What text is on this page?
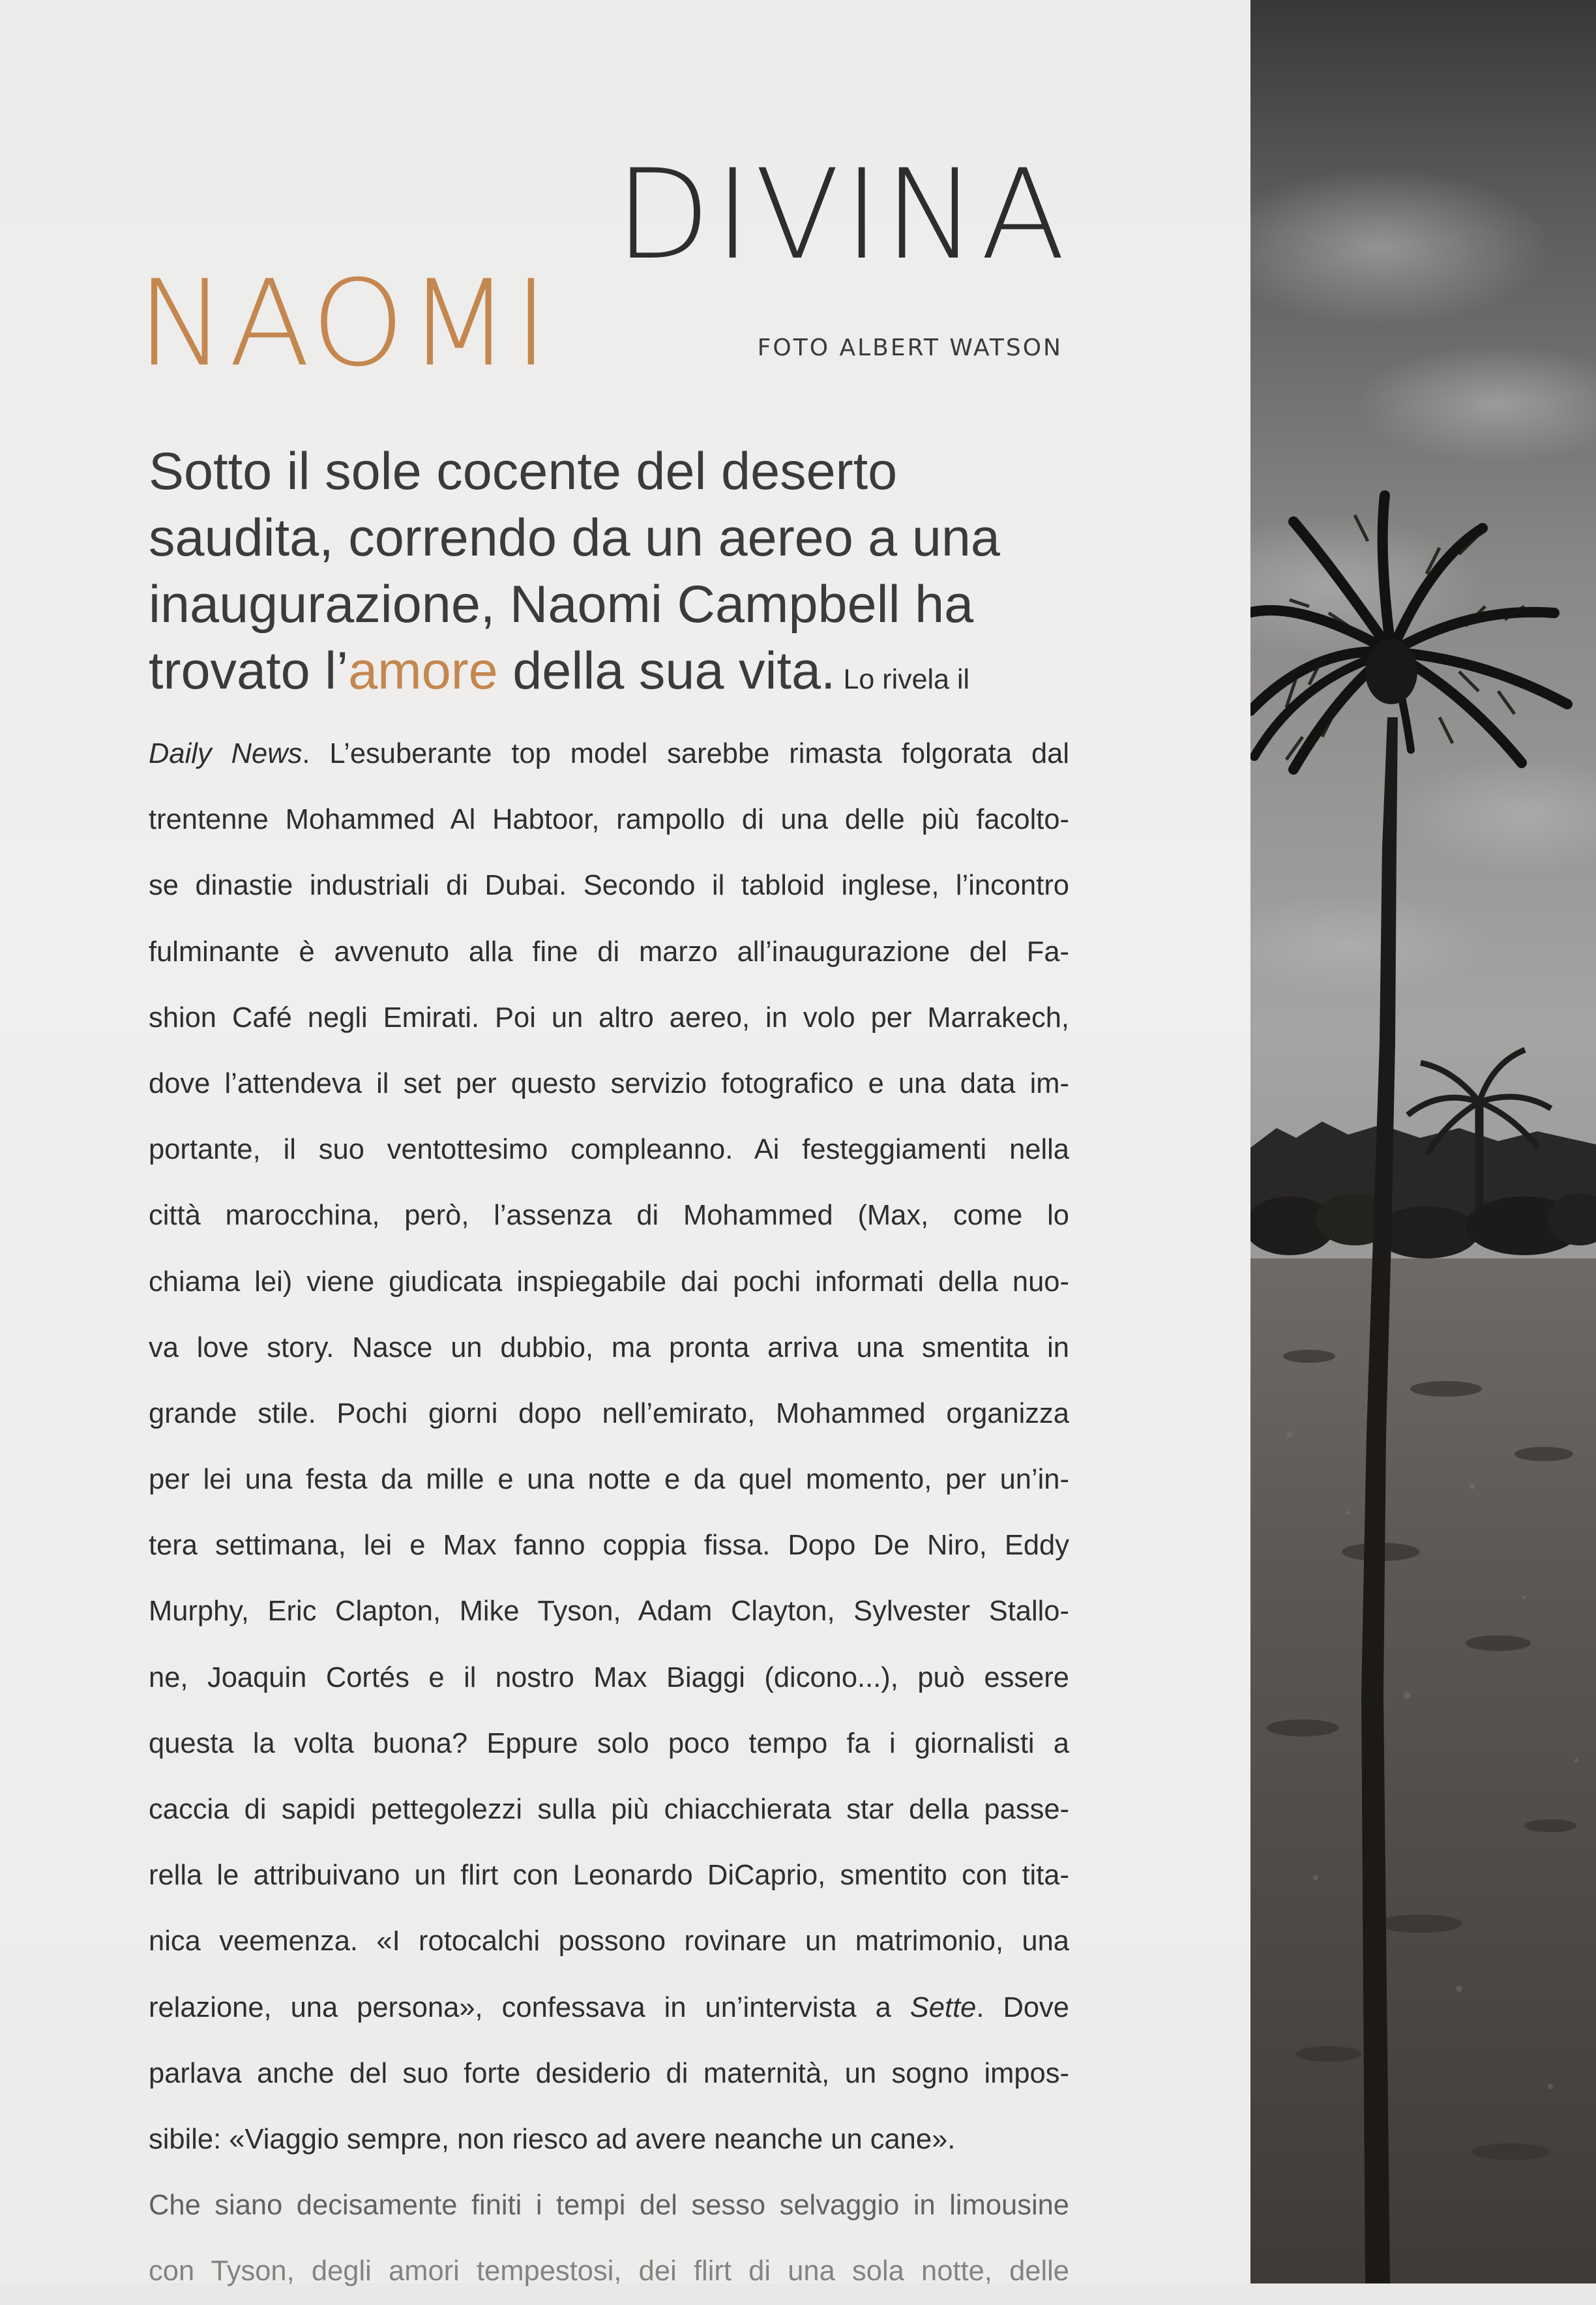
DIVINA
NAOMI	FOTO ALBERT WATSON
Sotto il sole cocente del deserto
saudita, correndo da un aereo a una
inaugurazione, Naomi Campbell ha
trovato l’amore della sua vita. Lo rivela il
Daily News. L’esuberante top model sarebbe rimasta folgorata dal
trentenne Mohammed Al Habtoor, rampollo di una delle più facolto-
se dinastie industriali di Dubai. Secondo il tabloid inglese, l’incontro
fulminante è avvenuto alla fine di marzo all’inaugurazione del Fa-
shion Café negli Emirati. Poi un altro aereo, in volo per Marrakech,
dove l’attendeva il set per questo servizio fotografico e una data im-
portante, il suo ventottesimo compleanno. Ai festeggiamenti nella
città marocchina, però, l’assenza di Mohammed (Max, come lo
chiama lei) viene giudicata inspiegabile dai pochi informati della nuo-
va love story. Nasce un dubbio, ma pronta arriva una smentita in
grande stile. Pochi giorni dopo nell’emirato, Mohammed organizza
per lei una festa da mille e una notte e da quel momento, per un’in-
tera settimana, lei e Max fanno coppia fissa. Dopo De Niro, Eddy
Murphy, Eric Clapton, Mike Tyson, Adam Clayton, Sylvester Stallo-
ne, Joaquin Cortés e il nostro Max Biaggi (dicono...), può essere
questa la volta buona? Eppure solo poco tempo fa i giornalisti a
caccia di sapidi pettegolezzi sulla più chiacchierata star della passe-
rella le attribuivano un flirt con Leonardo DiCaprio, smentito con tita-
nica veemenza. «I rotocalchi possono rovinare un matrimonio, una
relazione, una persona», confessava in un’intervista a Sette. Dove
parlava anche del suo forte desiderio di maternità, un sogno impos-
sibile: «Viaggio sempre, non riesco ad avere neanche un cane».
Che siano decisamente finiti i tempi del sesso selvaggio in limousine
con Tyson, degli amori tempestosi, dei flirt di una sola notte, delle
